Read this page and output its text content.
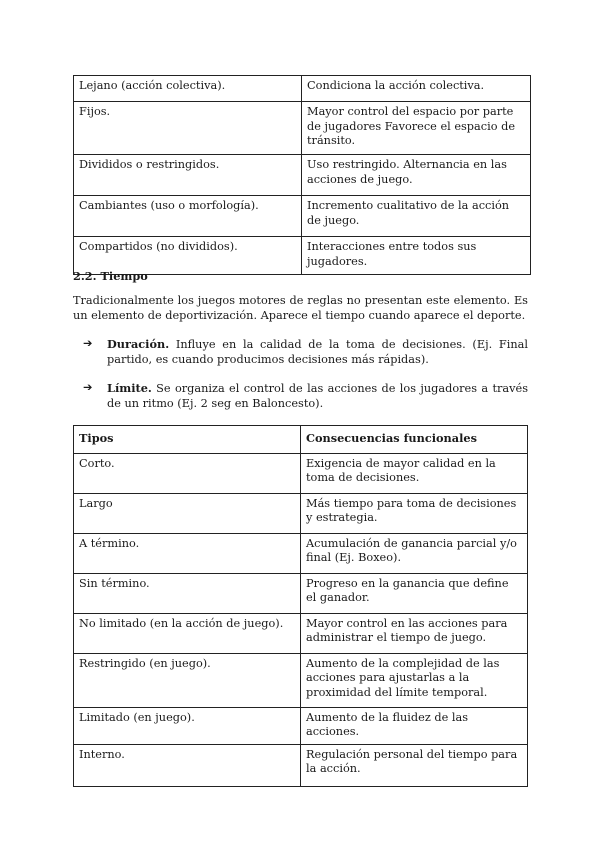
Lejano (acción colectiva).	Condiciona la acción colectiva.
Fijos.	Mayor control del espacio por parte de jugadores Favorece el espacio de tránsito.
Divididos o restringidos.	Uso restringido. Alternancia en las acciones de juego.
Cambiantes (uso o morfología).	Incremento cualitativo de la acción de juego.
Compartidos (no divididos).	Interacciones entre todos sus jugadores.
2.2. Tiempo
Tradicionalmente los juegos motores de reglas no presentan este elemento. Es un elemento de deportivización. Aparece el tiempo cuando aparece el deporte.
➔ Duración. Influye en la calidad de la toma de decisiones. (Ej. Final partido, es cuando producimos decisiones más rápidas).
➔ Límite. Se organiza el control de las acciones de los jugadores a través de un ritmo (Ej. 2 seg en Baloncesto).
Tipos	Consecuencias funcionales
Corto.	Exigencia de mayor calidad en la toma de decisiones.
Largo	Más tiempo para toma de decisiones y estrategia.
A término.	Acumulación de ganancia parcial y/o final (Ej. Boxeo).
Sin término.	Progreso en la ganancia que define el ganador.
No limitado (en la acción de juego).	Mayor control en las acciones para administrar el tiempo de juego.
Restringido (en juego).	Aumento de la complejidad de las acciones para ajustarlas a la proximidad del límite temporal.
Limitado (en juego).	Aumento de la fluidez de las acciones.
Interno.	Regulación personal del tiempo para la acción.
